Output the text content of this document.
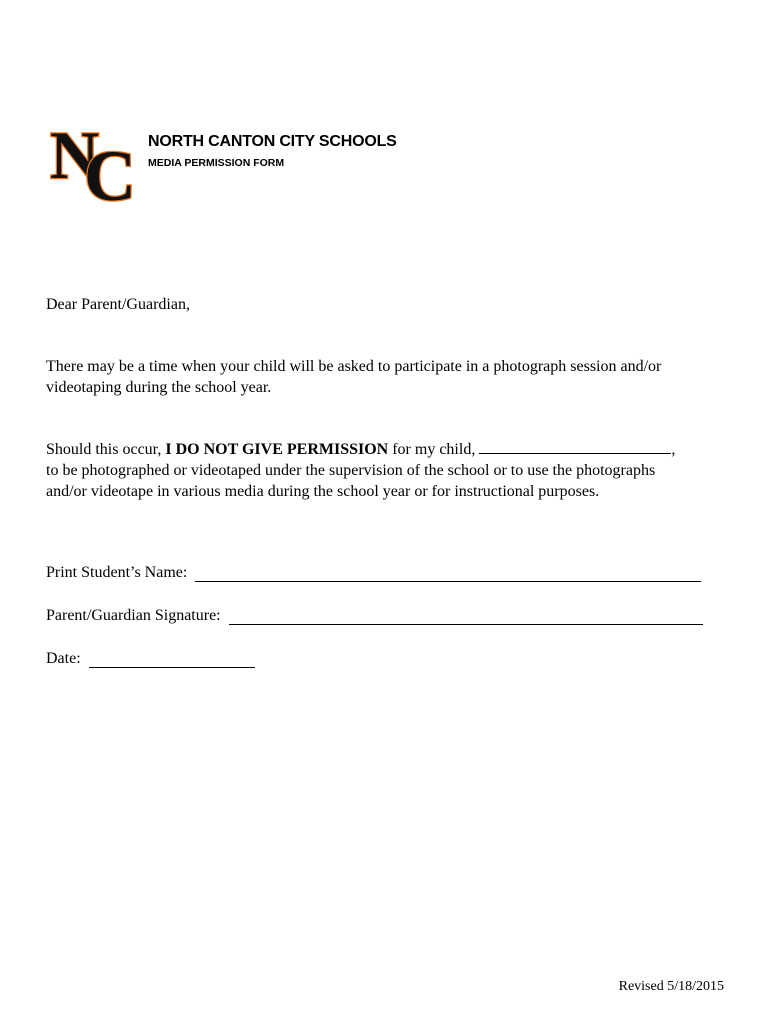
N
C NORTH CANTON CITY SCHOOLS
MEDIA PERMISSION FORM
Dear Parent/Guardian,
There may be a time when your child will be asked to participate in a photograph session and/or
videotaping during the school year.
Should this occur, I DO NOT GIVE PERMISSION for my child,	,
to be photographed or videotaped under the supervision of the school or to use the photographs
and/or videotape in various media during the school year or for instructional purposes.
Print Student’s Name:
Parent/Guardian Signature:
Date:
Revised 5/18/2015
